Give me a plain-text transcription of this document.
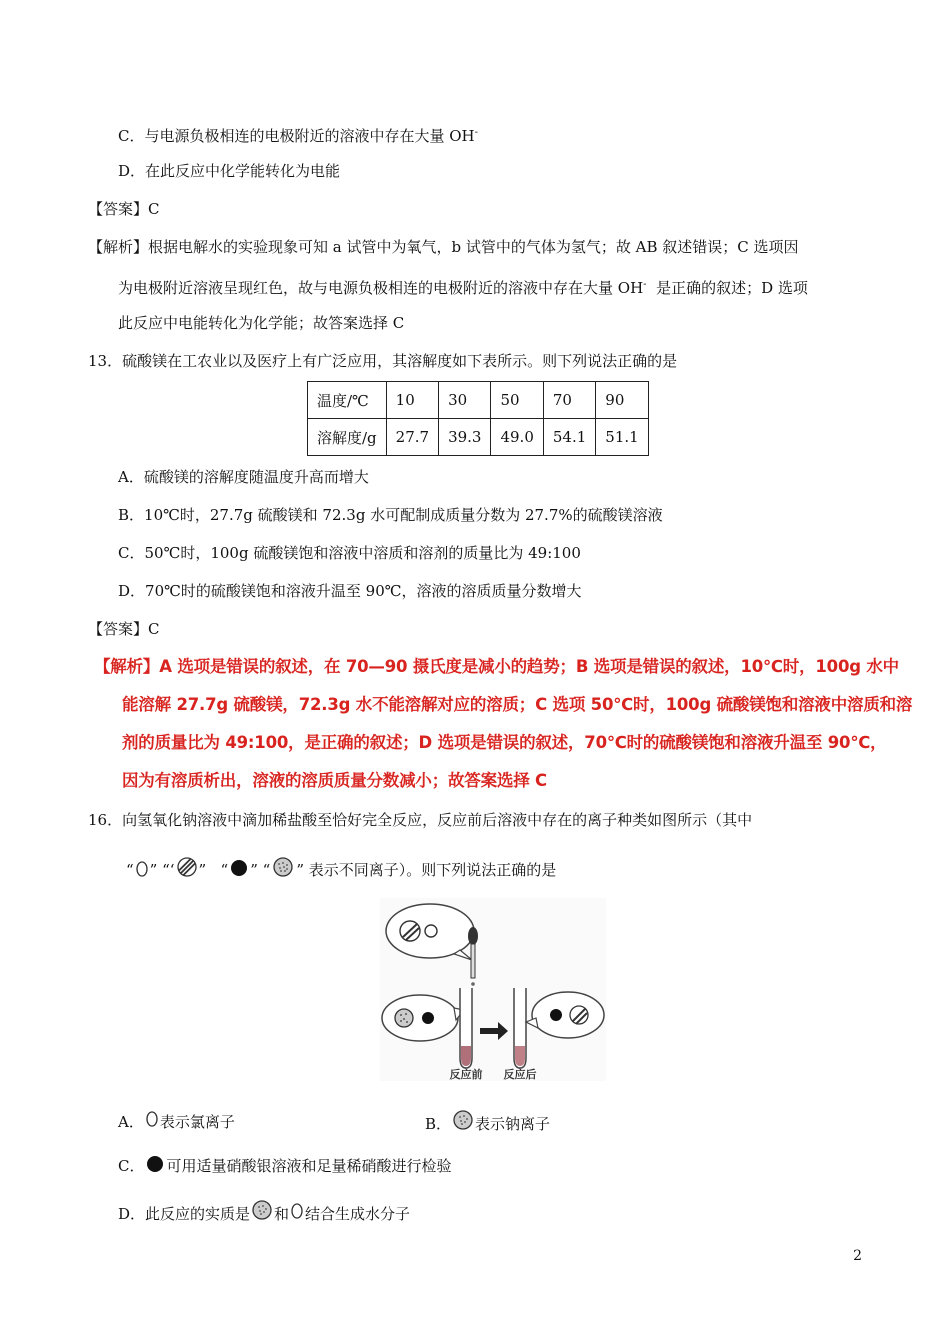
C．与电源负极相连的电极附近的溶液中存在大量 OH-
D．在此反应中化学能转化为电能
【答案】C
【解析】根据电解水的实验现象可知 a 试管中为氧气，b 试管中的气体为氢气；故 AB 叙述错误；C 选项因
为电极附近溶液呈现红色，故与电源负极相连的电极附近的溶液中存在大量 OH- 是正确的叙述；D 选项
此反应中电能转化为化学能；故答案选择 C
13．硫酸镁在工农业以及医疗上有广泛应用，其溶解度如下表所示。则下列说法正确的是
温度/℃	10	30	50	70	90
溶解度/g	27.7	39.3	49.0	54.1	51.1
A．硫酸镁的溶解度随温度升高而增大
B．10℃时，27.7g 硫酸镁和 72.3g 水可配制成质量分数为 27.7%的硫酸镁溶液
C．50℃时，100g 硫酸镁饱和溶液中溶质和溶剂的质量比为 49:100
D．70℃时的硫酸镁饱和溶液升温至 90℃，溶液的溶质质量分数增大
【答案】C
【解析】A 选项是错误的叙述，在 70—90 摄氏度是减小的趋势；B 选项是错误的叙述，10℃时，100g 水中
能溶解 27.7g 硫酸镁，72.3g 水不能溶解对应的溶质；C 选项 50℃时，100g 硫酸镁饱和溶液中溶质和溶
剂的质量比为 49:100，是正确的叙述；D 选项是错误的叙述，70℃时的硫酸镁饱和溶液升温至 90℃，
因为有溶质析出，溶液的溶质质量分数减小；故答案选择 C
16．向氢氧化钠溶液中滴加稀盐酸至恰好完全反应，反应前后溶液中存在的离子种类如图所示（其中
“ ” “‘ ”   “ ” “ ” 表示不同离子）。则下列说法正确的是
反应前 反应后
A． 表示氯离子	B． 表示钠离子
C． 可用适量硝酸银溶液和足量稀硝酸进行检验
D．此反应的实质是 和 结合生成水分子
2
